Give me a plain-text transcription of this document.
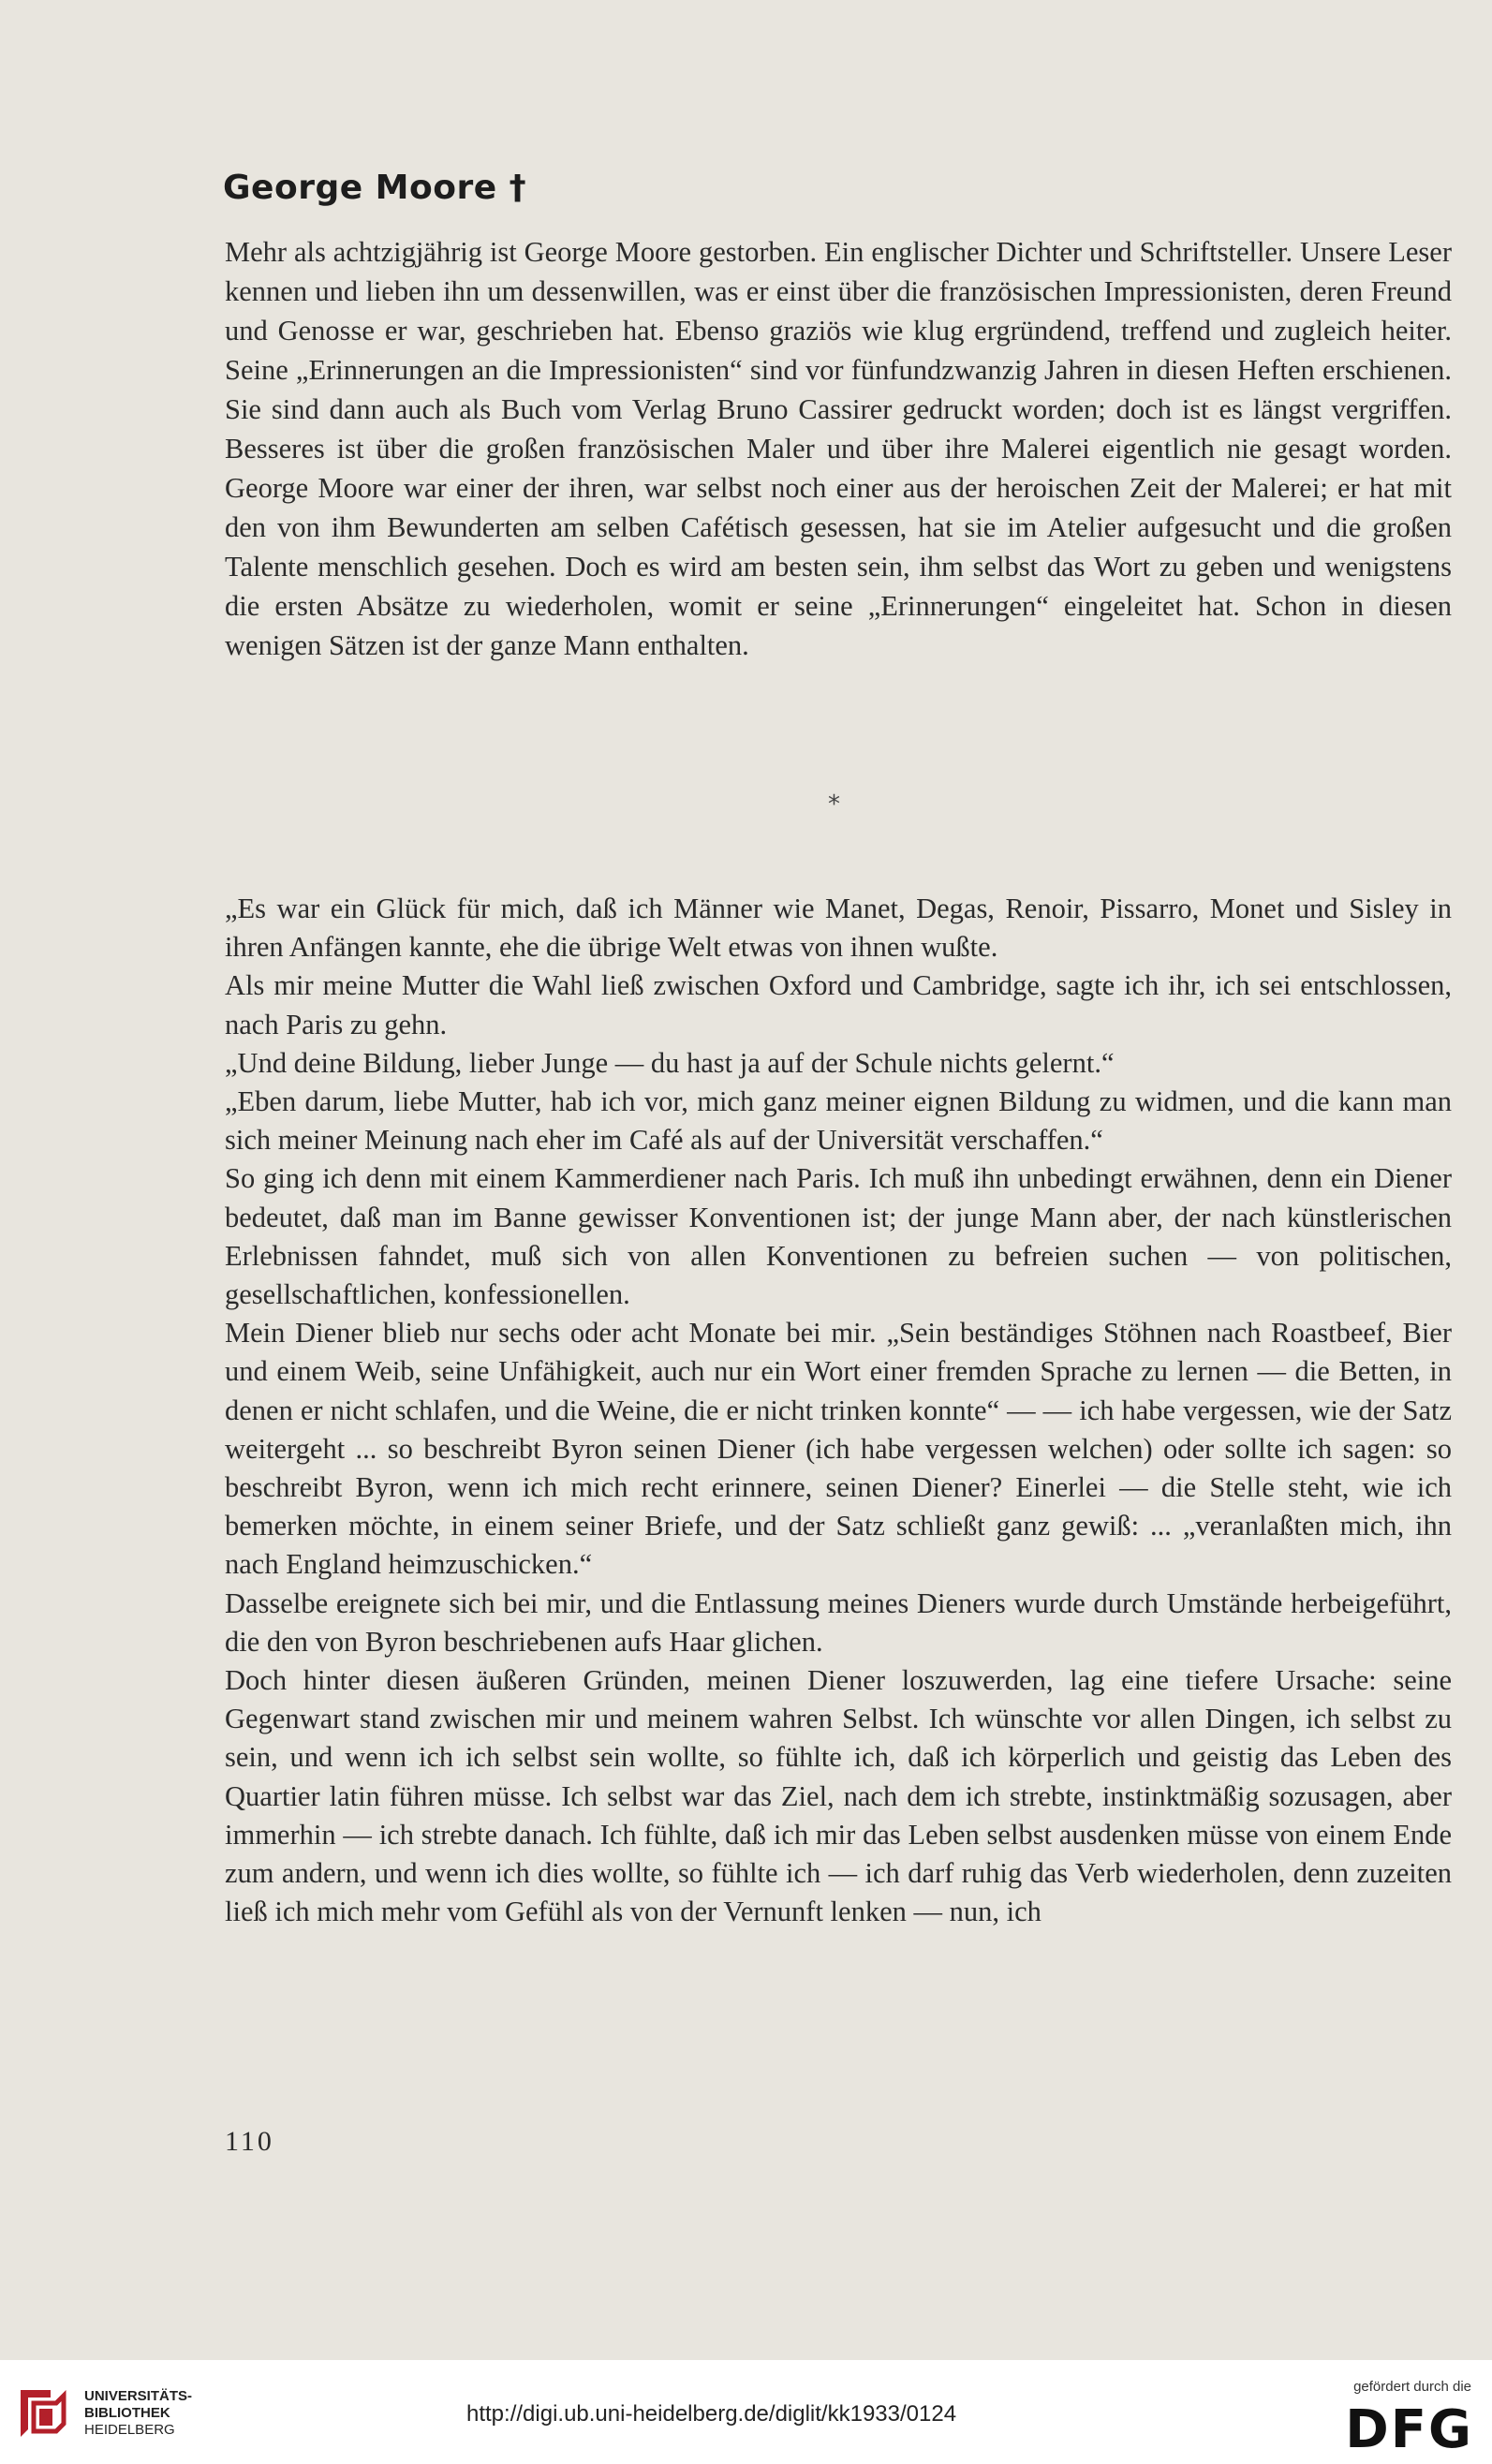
George Moore †

Mehr als achtzigjährig ist George Moore gestorben. Ein englischer Dichter und Schriftsteller. Unsere Leser kennen und lieben ihn um dessenwillen, was er einst über die französischen Impressionisten, deren Freund und Genosse er war, geschrieben hat. Ebenso graziös wie klug ergründend, treffend und zugleich heiter. Seine „Erinnerungen an die Impressionisten“ sind vor fünfundzwanzig Jahren in diesen Heften erschienen. Sie sind dann auch als Buch vom Verlag Bruno Cassirer gedruckt worden; doch ist es längst vergriffen. Besseres ist über die großen französischen Maler und über ihre Malerei eigentlich nie gesagt worden. George Moore war einer der ihren, war selbst noch einer aus der heroischen Zeit der Malerei; er hat mit den von ihm Bewunderten am selben Cafétisch gesessen, hat sie im Atelier aufgesucht und die großen Talente menschlich gesehen. Doch es wird am besten sein, ihm selbst das Wort zu geben und wenigstens die ersten Absätze zu wiederholen, womit er seine „Erinnerungen“ eingeleitet hat. Schon in diesen wenigen Sätzen ist der ganze Mann enthalten.

*

„Es war ein Glück für mich, daß ich Männer wie Manet, Degas, Renoir, Pissarro, Monet und Sisley in ihren Anfängen kannte, ehe die übrige Welt etwas von ihnen wußte.

Als mir meine Mutter die Wahl ließ zwischen Oxford und Cambridge, sagte ich ihr, ich sei entschlossen, nach Paris zu gehn.

„Und deine Bildung, lieber Junge — du hast ja auf der Schule nichts gelernt.“

„Eben darum, liebe Mutter, hab ich vor, mich ganz meiner eignen Bildung zu widmen, und die kann man sich meiner Meinung nach eher im Café als auf der Universität verschaffen.“

So ging ich denn mit einem Kammerdiener nach Paris. Ich muß ihn unbedingt erwähnen, denn ein Diener bedeutet, daß man im Banne gewisser Konventionen ist; der junge Mann aber, der nach künstlerischen Erlebnissen fahndet, muß sich von allen Konventionen zu befreien suchen — von politischen, gesellschaftlichen, konfessionellen.

Mein Diener blieb nur sechs oder acht Monate bei mir. „Sein beständiges Stöhnen nach Roastbeef, Bier und einem Weib, seine Unfähigkeit, auch nur ein Wort einer fremden Sprache zu lernen — die Betten, in denen er nicht schlafen, und die Weine, die er nicht trinken konnte“ — — ich habe vergessen, wie der Satz weitergeht ... so beschreibt Byron seinen Diener (ich habe vergessen welchen) oder sollte ich sagen: so beschreibt Byron, wenn ich mich recht erinnere, seinen Diener? Einerlei — die Stelle steht, wie ich bemerken möchte, in einem seiner Briefe, und der Satz schließt ganz gewiß: ... „veranlaßten mich, ihn nach England heimzuschicken.“

Dasselbe ereignete sich bei mir, und die Entlassung meines Dieners wurde durch Umstände herbeigeführt, die den von Byron beschriebenen aufs Haar glichen.

Doch hinter diesen äußeren Gründen, meinen Diener loszuwerden, lag eine tiefere Ursache: seine Gegenwart stand zwischen mir und meinem wahren Selbst. Ich wünschte vor allen Dingen, ich selbst zu sein, und wenn ich ich selbst sein wollte, so fühlte ich, daß ich körperlich und geistig das Leben des Quartier latin führen müsse. Ich selbst war das Ziel, nach dem ich strebte, instinktmäßig sozusagen, aber immerhin — ich strebte danach. Ich fühlte, daß ich mir das Leben selbst ausdenken müsse von einem Ende zum andern, und wenn ich dies wollte, so fühlte ich — ich darf ruhig das Verb wiederholen, denn zuzeiten ließ ich mich mehr vom Gefühl als von der Vernunft lenken — nun, ich

110
UNIVERSITÄTS-
BIBLIOTHEK
HEIDELBERG
http://digi.ub.uni-heidelberg.de/diglit/kk1933/0124
gefördert durch die
DFG
